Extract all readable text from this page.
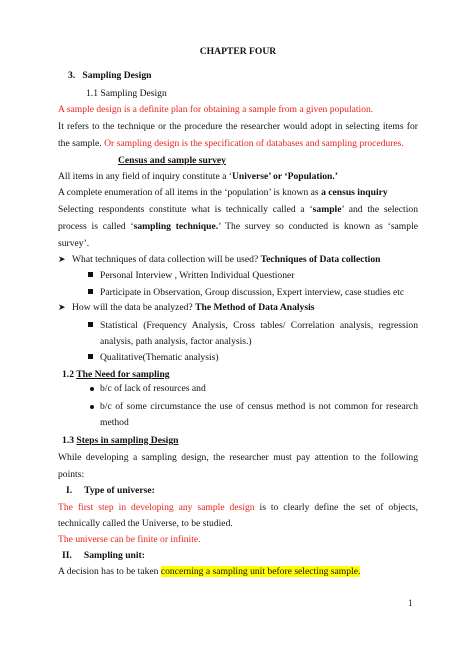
CHAPTER FOUR
3. Sampling Design
1.1 Sampling Design
A sample design is a definite plan for obtaining a sample from a given population.
It refers to the technique or the procedure the researcher would adopt in selecting items for
the sample. Or sampling design is the specification of databases and sampling procedures.
Census and sample survey
All items in any field of inquiry constitute a ‘Universe’ or ‘Population.’
A complete enumeration of all items in the ‘population’ is known as a census inquiry
Selecting respondents constitute what is technically called a ‘sample’ and the selection
process is called ‘sampling technique.’ The survey so conducted is known as ‘sample
survey’.
➤ What techniques of data collection will be used? Techniques of Data collection
Personal Interview , Written Individual Questioner
Participate in Observation, Group discussion, Expert interview, case studies etc
➤ How will the data be analyzed? The Method of Data Analysis
Statistical (Frequency Analysis, Cross tables/ Correlation analysis, regression
analysis, path analysis, factor analysis.)
Qualitative(Thematic analysis)
1.2 The Need for sampling
b/c of lack of resources and
b/c of some circumstance the use of census method is not common for research
method
1.3 Steps in sampling Design
While developing a sampling design, the researcher must pay attention to the following
points:
I. Type of universe:
The first step in developing any sample design is to clearly define the set of objects,
technically called the Universe, to be studied.
The universe can be finite or infinite.
II. Sampling unit:
A decision has to be taken concerning a sampling unit before selecting sample.
1
